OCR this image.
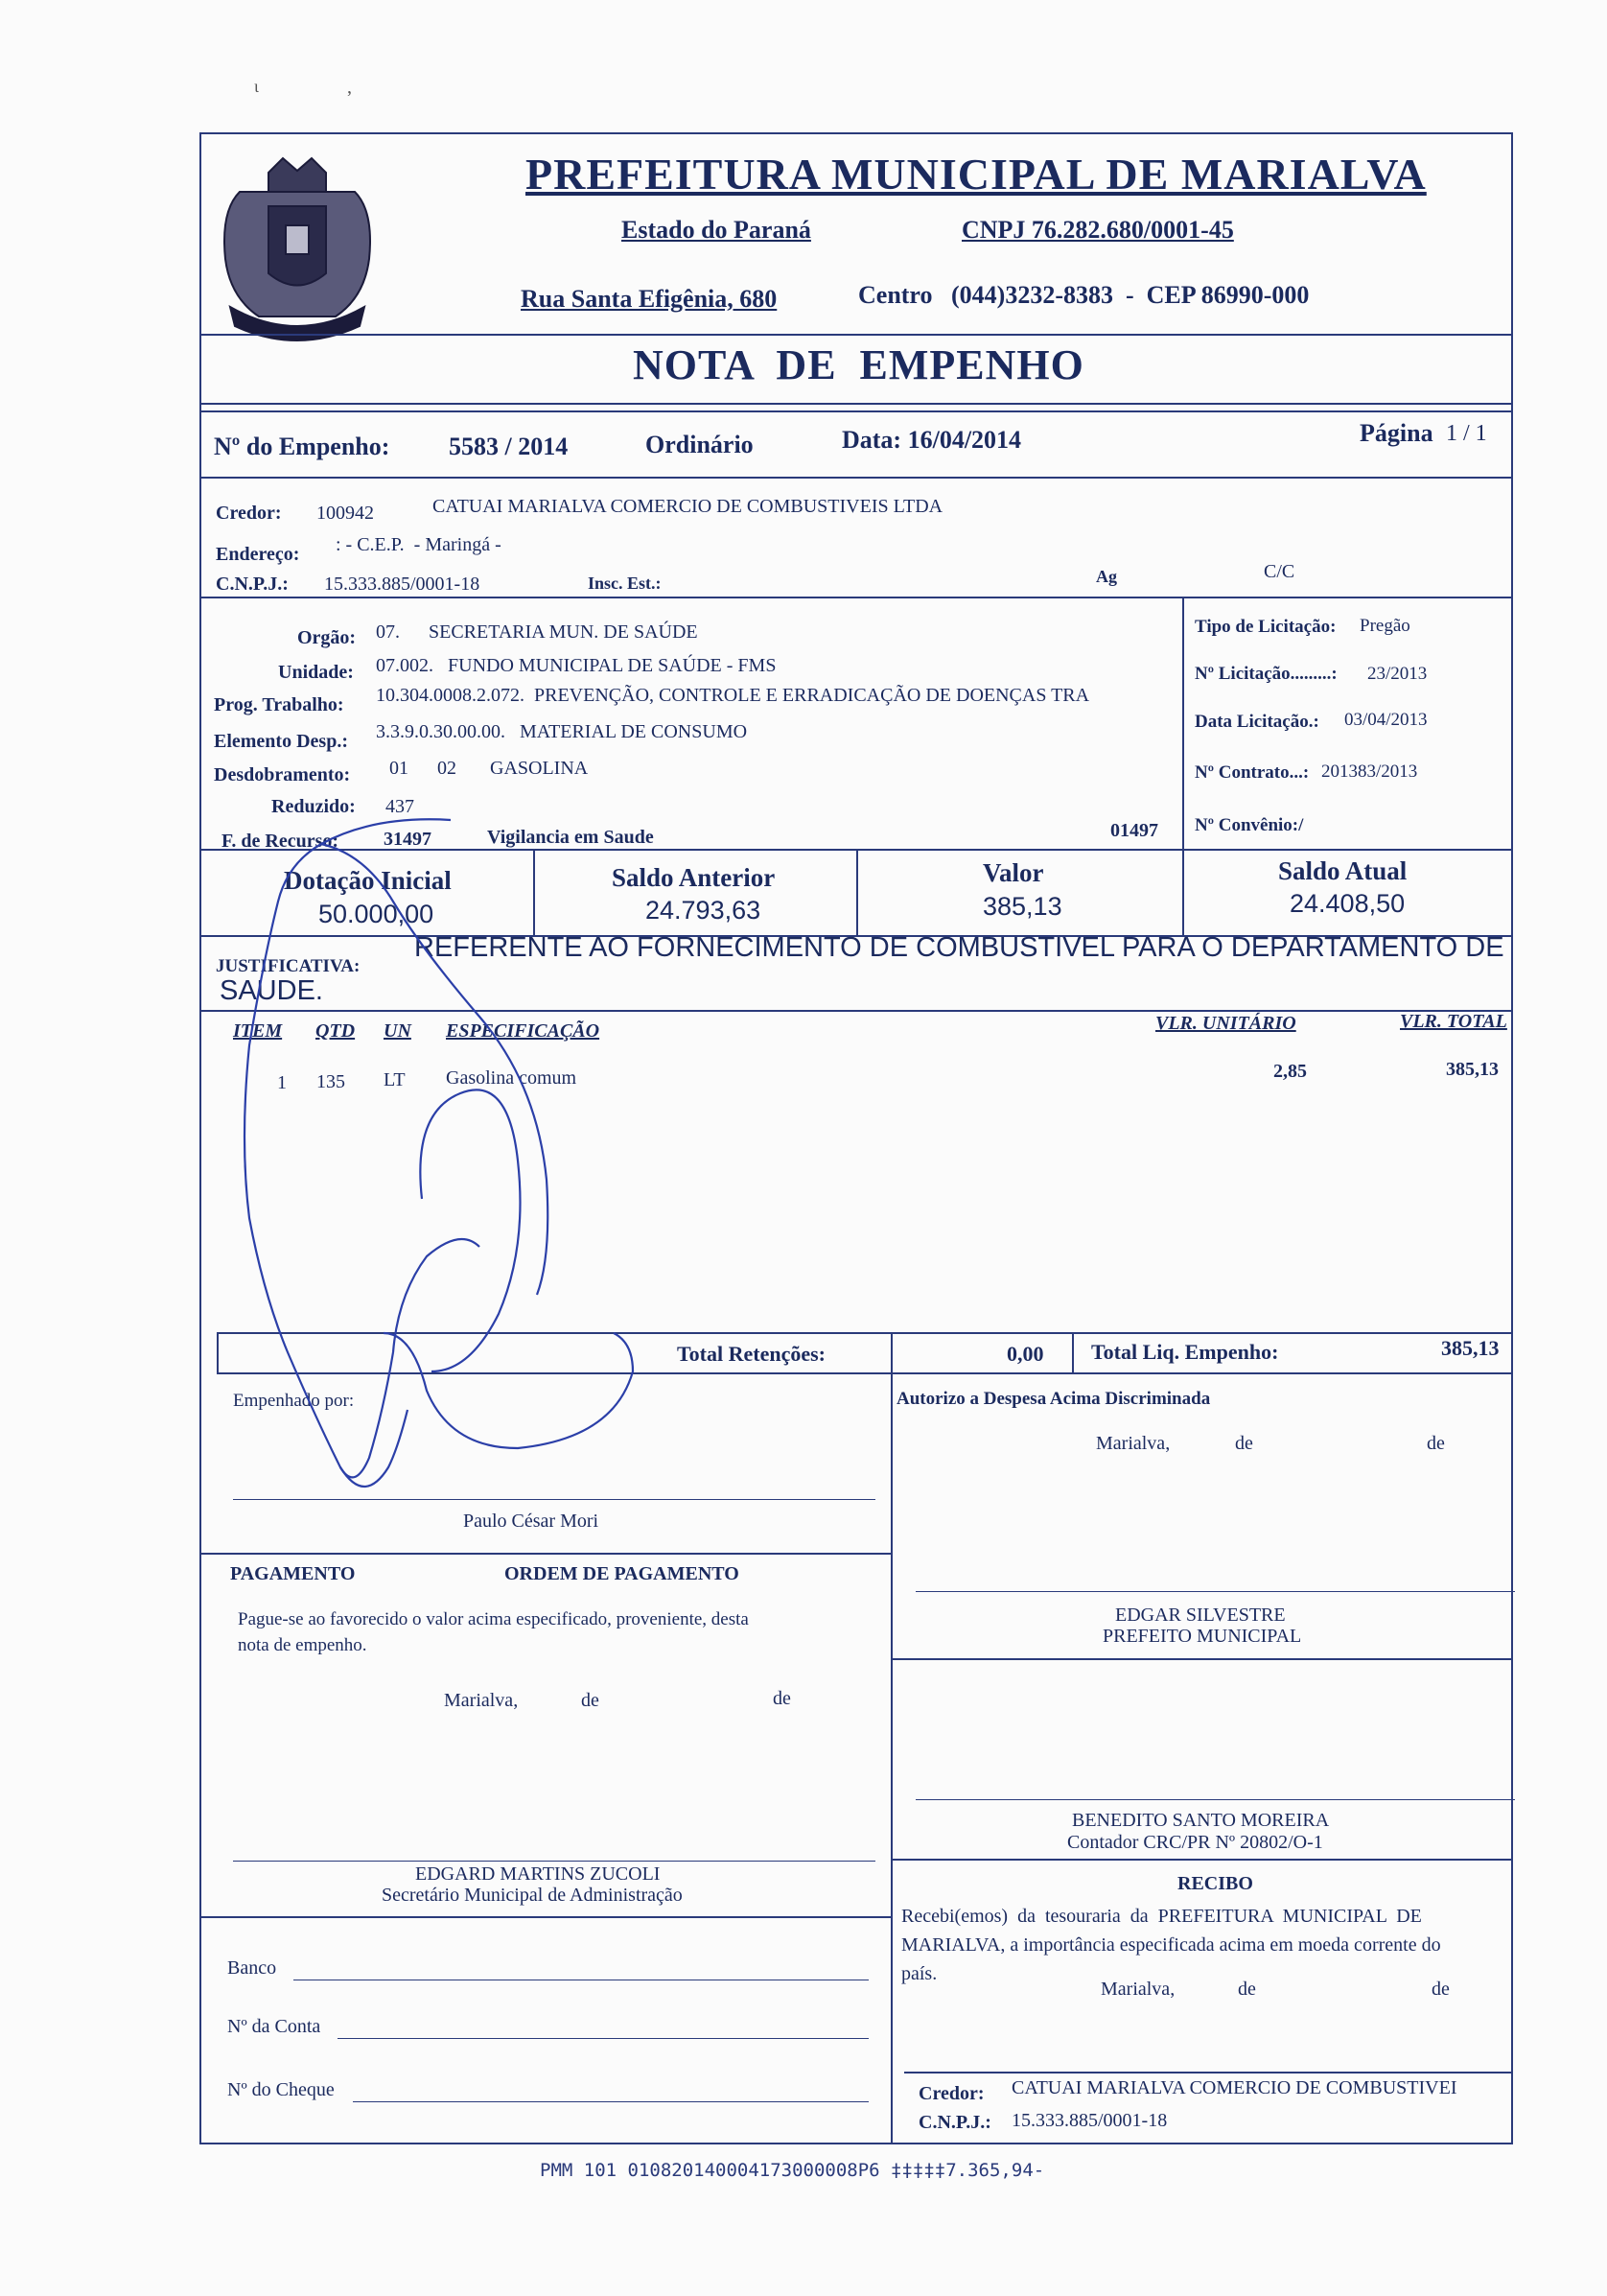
PREFEITURA MUNICIPAL DE MARIALVA
Estado do Paraná	CNPJ 76.282.680/0001-45
Rua Santa Efigênia, 680	Centro   (044)3232-8383  -  CEP 86990-000
NOTA  DE  EMPENHO
Nº do Empenho: 5583 / 2014	Ordinário	Data: 16/04/2014	Página 1 / 1
Credor: 100942	CATUAI MARIALVA COMERCIO DE COMBUSTIVEIS LTDA
Endereço: : - C.E.P.  - Maringá -
C.N.P.J.: 15.333.885/0001-18	Insc. Est.:	Ag	C/C
Orgão: 07.      SECRETARIA MUN. DE SAÚDE
Unidade: 07.002.   FUNDO MUNICIPAL DE SAÚDE - FMS
Prog. Trabalho: 10.304.0008.2.072.  PREVENÇÃO, CONTROLE E ERRADICAÇÃO DE DOENÇAS TRA
Elemento Desp.: 3.3.9.0.30.00.00.   MATERIAL DE CONSUMO
Desdobramento: 01      02       GASOLINA
Reduzido: 437
F. de Recurso: 31497	Vigilancia em Saude	01497
Tipo de Licitação: Pregão
Nº Licitação.........: 23/2013
Data Licitação.: 03/04/2013
Nº Contrato...: 201383/2013
Nº Convênio:/
Dotação Inicial
50.000,00
Saldo Anterior
24.793,63
Valor
385,13
Saldo Atual
24.408,50
JUSTIFICATIVA:
REFERENTE AO FORNECIMENTO DE COMBUSTIVEL PARA O DEPARTAMENTO DE
SAUDE.
ITEM QTD UN ESPECIFICAÇÃO	VLR. UNITÁRIO	VLR. TOTAL
1 135 LT Gasolina comum	2,85	385,13
Total Retenções:	0,00 Total Liq. Empenho:	385,13
Empenhado por:
Paulo César Mori
Autorizo a Despesa Acima Discriminada
Marialva,	de	de
EDGAR SILVESTRE
PREFEITO MUNICIPAL
PAGAMENTO	ORDEM DE PAGAMENTO
Pague-se ao favorecido o valor acima especificado, proveniente, desta
nota de empenho.
Marialva,	de	de
BENEDITO SANTO MOREIRA
Contador CRC/PR Nº 20802/O-1
RECIBO
Recebi(emos)  da  tesouraria  da  PREFEITURA  MUNICIPAL  DE
MARIALVA, a importância especificada acima em moeda corrente do
país.
Marialva,	de	de
EDGARD MARTINS ZUCOLI
Secretário Municipal de Administração
Banco
Nº da Conta
Nº do Cheque	Credor: CATUAI MARIALVA COMERCIO DE COMBUSTIVEI
C.N.P.J.: 15.333.885/0001-18
PMM 101 010820140004173000008P6 ‡‡‡‡‡7.365,94-
ι	,
